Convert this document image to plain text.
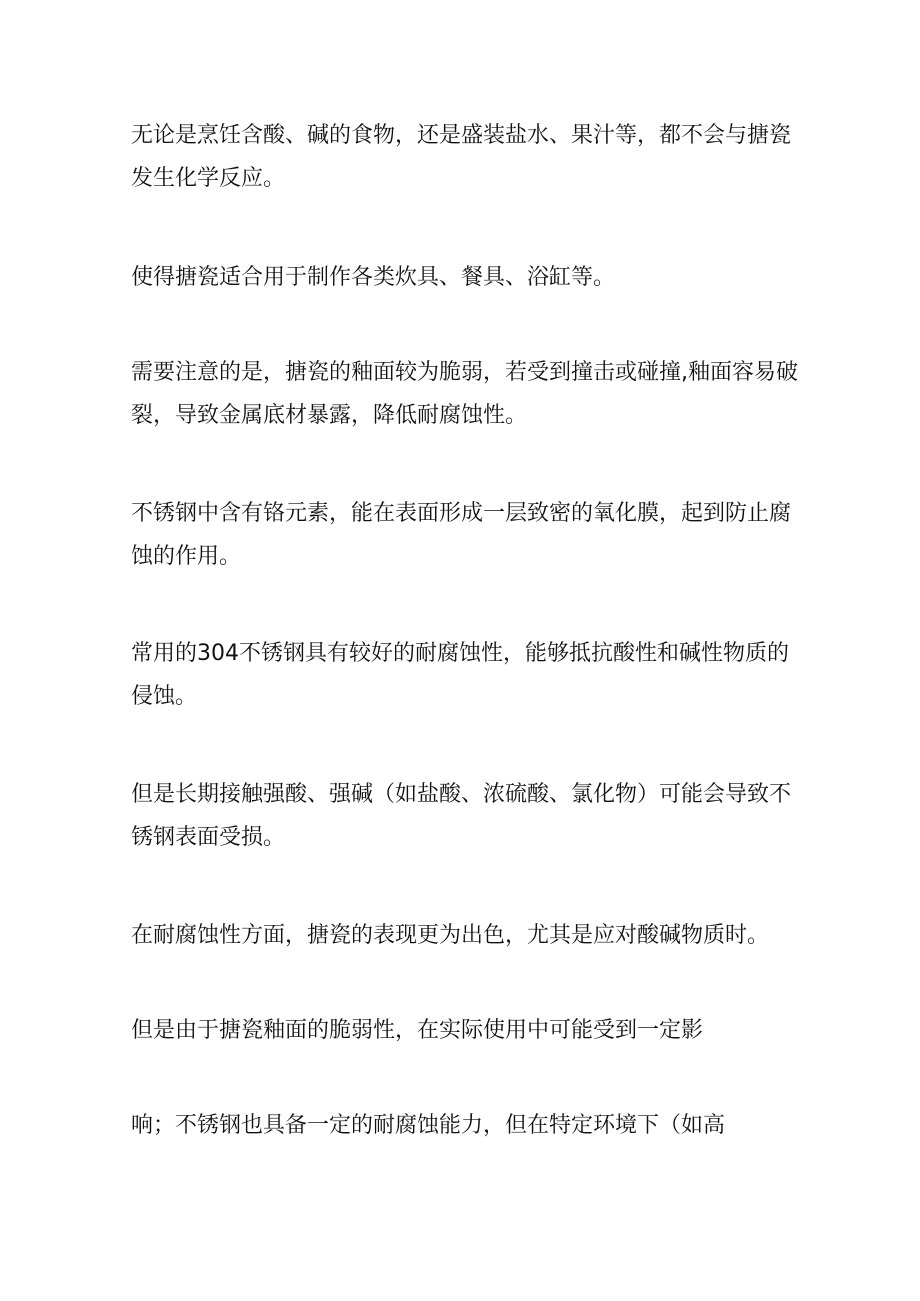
无论是烹饪含酸、碱的食物，还是盛装盐水、果汁等，都不会与搪瓷发生化学反应。

使得搪瓷适合用于制作各类炊具、餐具、浴缸等。

需要注意的是，搪瓷的釉面较为脆弱，若受到撞击或碰撞,釉面容易破裂，导致金属底材暴露，降低耐腐蚀性。

不锈钢中含有铬元素，能在表面形成一层致密的氧化膜，起到防止腐蚀的作用。

常用的304不锈钢具有较好的耐腐蚀性，能够抵抗酸性和碱性物质的侵蚀。

但是长期接触强酸、强碱（如盐酸、浓硫酸、氯化物）可能会导致不锈钢表面受损。

在耐腐蚀性方面，搪瓷的表现更为出色，尤其是应对酸碱物质时。

但是由于搪瓷釉面的脆弱性，在实际使用中可能受到一定影

响；不锈钢也具备一定的耐腐蚀能力，但在特定环境下（如高
